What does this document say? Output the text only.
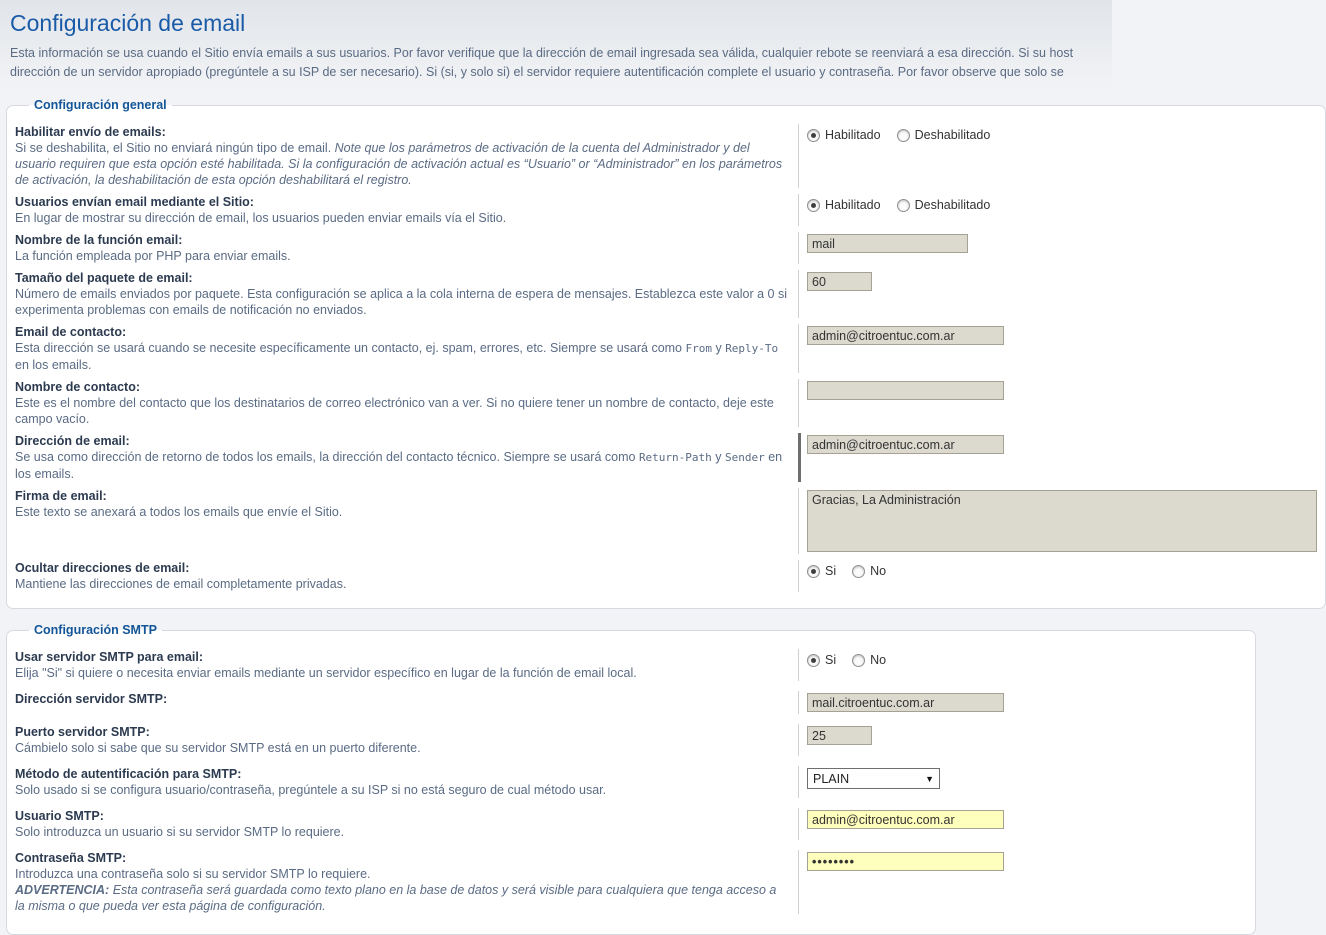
Configuración de email
Esta información se usa cuando el Sitio envía emails a sus usuarios. Por favor verifique que la dirección de email ingresada sea válida, cualquier rebote se reenviará a esa dirección. Si su host
dirección de un servidor apropiado (pregúntele a su ISP de ser necesario). Si (si, y solo si) el servidor requiere autentificación complete el usuario y contraseña. Por favor observe que solo se
Configuración general
Habilitar envío de emails:
Si se deshabilita, el Sitio no enviará ningún tipo de email. Note que los parámetros de activación de la cuenta del Administrador y del usuario requiren que esta opción esté habilitada. Si la configuración de activación actual es “Usuario” or “Administrador” en los parámetros de activación, la deshabilitación de esta opción deshabilitará el registro.
Habilitado	Deshabilitado
Usuarios envían email mediante el Sitio:
En lugar de mostrar su dirección de email, los usuarios pueden enviar emails vía el Sitio.
Habilitado	Deshabilitado
Nombre de la función email:
La función empleada por PHP para enviar emails.
mail
Tamaño del paquete de email:
Número de emails enviados por paquete. Esta configuración se aplica a la cola interna de espera de mensajes. Establezca este valor a 0 si experimenta problemas con emails de notificación no enviados.
60
Email de contacto:
Esta dirección se usará cuando se necesite específicamente un contacto, ej. spam, errores, etc. Siempre se usará como From y Reply-To en los emails.
admin@citroentuc.com.ar
Nombre de contacto:
Este es el nombre del contacto que los destinatarios de correo electrónico van a ver. Si no quiere tener un nombre de contacto, deje este campo vacío.
Dirección de email:
Se usa como dirección de retorno de todos los emails, la dirección del contacto técnico. Siempre se usará como Return-Path y Sender en los emails.
admin@citroentuc.com.ar
Firma de email:
Este texto se anexará a todos los emails que envíe el Sitio.
Gracias, La Administración
Ocultar direcciones de email:
Mantiene las direcciones de email completamente privadas.
Si	No
Configuración SMTP
Usar servidor SMTP para email:
Elija "Si" si quiere o necesita enviar emails mediante un servidor específico en lugar de la función de email local.
Si	No
Dirección servidor SMTP:
mail.citroentuc.com.ar
Puerto servidor SMTP:
Cámbielo solo si sabe que su servidor SMTP está en un puerto diferente.
25
Método de autentificación para SMTP:
Solo usado si se configura usuario/contraseña, pregúntele a su ISP si no está seguro de cual método usar.
PLAIN	▼
Usuario SMTP:
Solo introduzca un usuario si su servidor SMTP lo requiere.
admin@citroentuc.com.ar
Contraseña SMTP:
Introduzca una contraseña solo si su servidor SMTP lo requiere.
ADVERTENCIA: Esta contraseña será guardada como texto plano en la base de datos y será visible para cualquiera que tenga acceso a la misma o que pueda ver esta página de configuración.
••••••••
